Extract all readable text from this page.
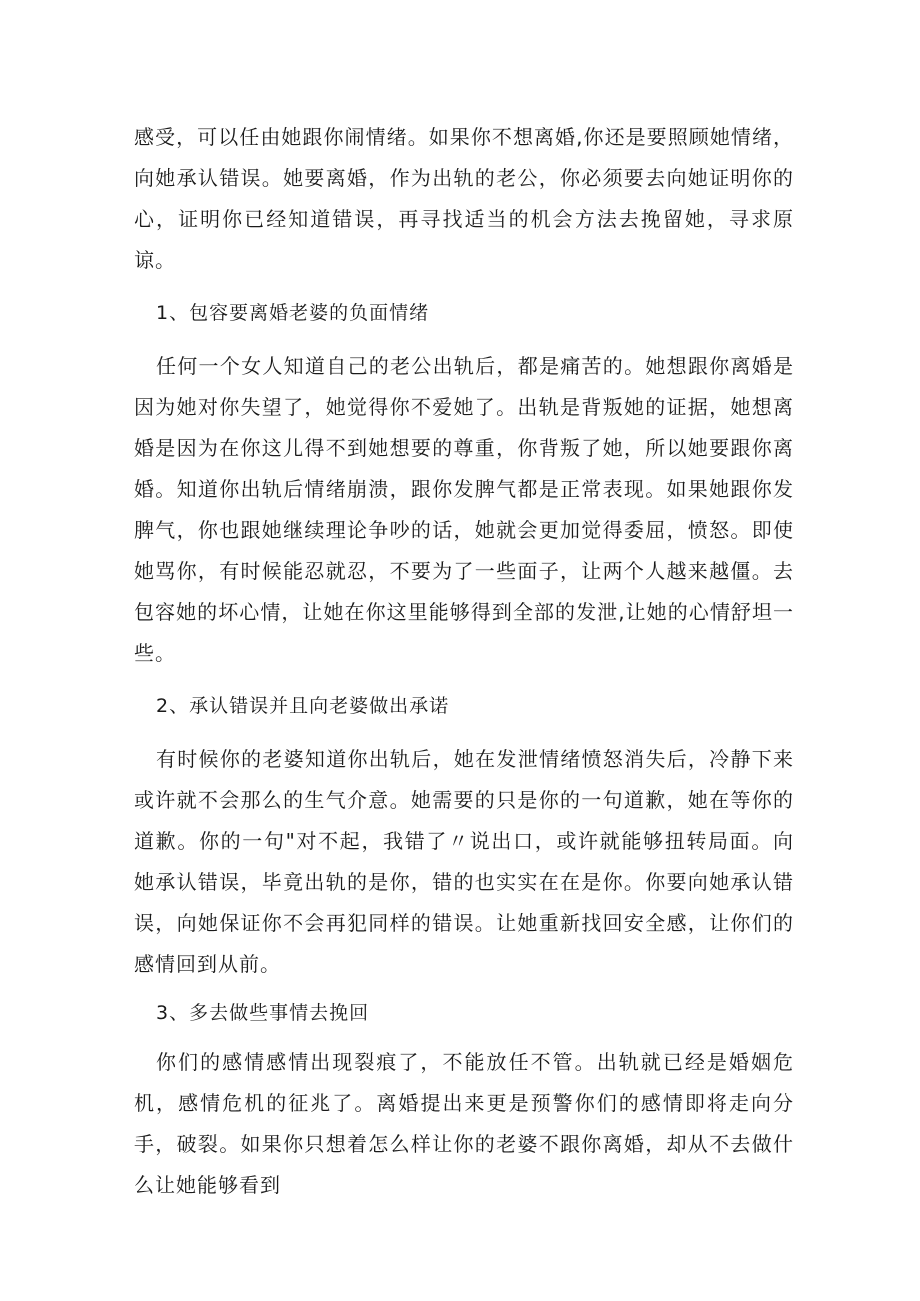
感受，可以任由她跟你闹情绪。如果你不想离婚,你还是要照顾她情绪，向她承认错误。她要离婚，作为出轨的老公，你必须要去向她证明你的心，证明你已经知道错误，再寻找适当的机会方法去挽留她，寻求原谅。

1、包容要离婚老婆的负面情绪

任何一个女人知道自己的老公出轨后，都是痛苦的。她想跟你离婚是因为她对你失望了，她觉得你不爱她了。出轨是背叛她的证据，她想离婚是因为在你这儿得不到她想要的尊重，你背叛了她，所以她要跟你离婚。知道你出轨后情绪崩溃，跟你发脾气都是正常表现。如果她跟你发脾气，你也跟她继续理论争吵的话，她就会更加觉得委屈，愤怒。即使她骂你，有时候能忍就忍，不要为了一些面子，让两个人越来越僵。去包容她的坏心情，让她在你这里能够得到全部的发泄,让她的心情舒坦一些。

2、承认错误并且向老婆做出承诺

有时候你的老婆知道你出轨后，她在发泄情绪愤怒消失后，冷静下来或许就不会那么的生气介意。她需要的只是你的一句道歉，她在等你的道歉。你的一句"对不起，我错了〃说出口，或许就能够扭转局面。向她承认错误，毕竟出轨的是你，错的也实实在在是你。你要向她承认错误，向她保证你不会再犯同样的错误。让她重新找回安全感，让你们的感情回到从前。

3、多去做些事情去挽回

你们的感情感情出现裂痕了，不能放任不管。出轨就已经是婚姻危机，感情危机的征兆了。离婚提出来更是预警你们的感情即将走向分手，破裂。如果你只想着怎么样让你的老婆不跟你离婚，却从不去做什么让她能够看到
